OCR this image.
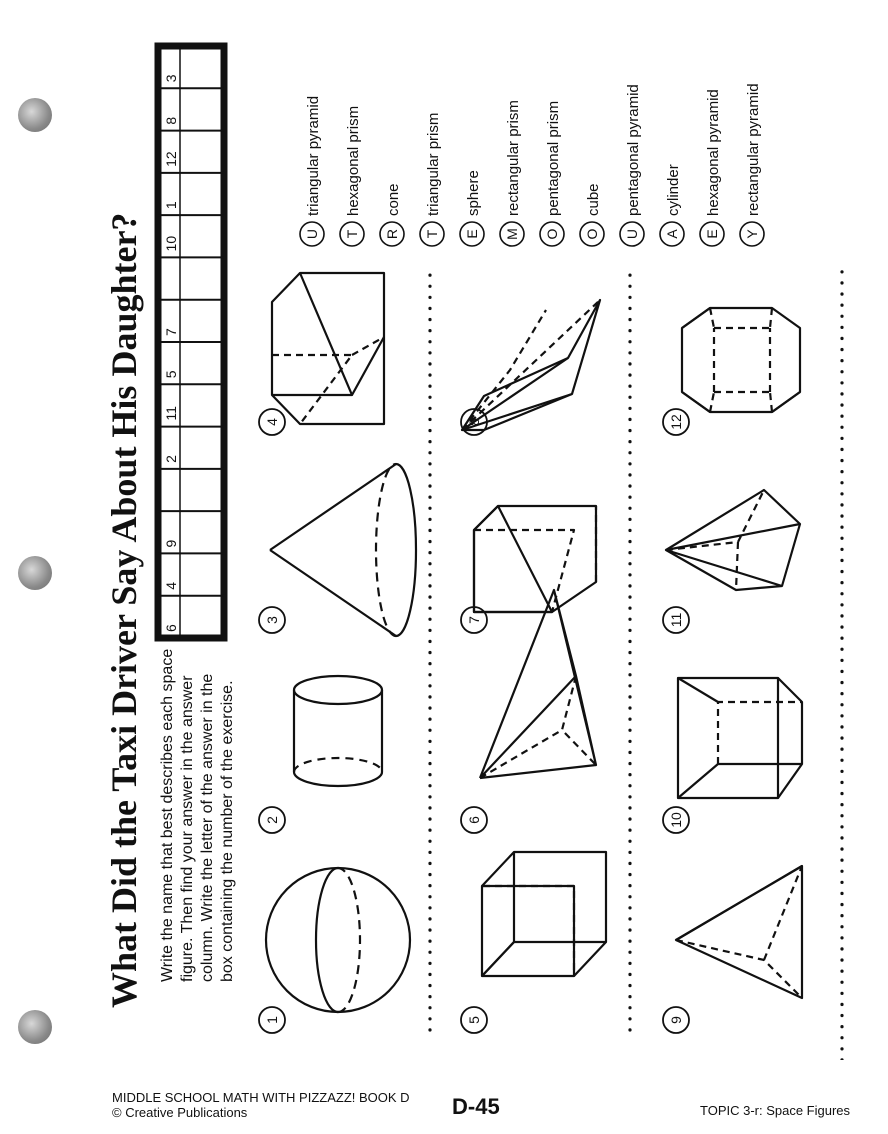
What Did the Taxi Driver Say About His Daughter? Write the name that best describes each space figure. Then find your answer in the answer column. Write the letter of the answer in the box containing the number of the exercise.
6
4
9
2
11
5
7
10
1
12
8
3
1
2
3
4
5
6
7
8
9
10
11
12
U
triangular pyramid
T
hexagonal prism
R
cone
T
triangular prism
E
sphere
M
rectangular prism
O
pentagonal prism
O
cube
U
pentagonal pyramid
A
cylinder
E
hexagonal pyramid
Y
rectangular pyramid
MIDDLE SCHOOL MATH WITH PIZZAZZ! BOOK D
© Creative Publications	D-45	TOPIC 3-r: Space Figures
